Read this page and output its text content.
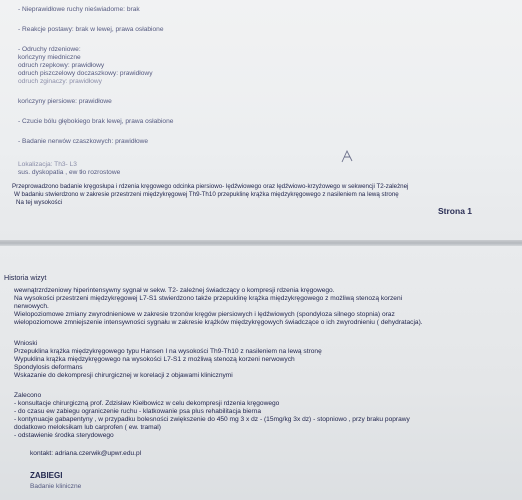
- Nieprawidłowe ruchy nieświadome: brak
- Reakcje postawy: brak w lewej, prawa osłabione
- Odruchy rdzeniowe:
kończyny miedniczne
odruch rzepkowy: prawidłowy
odruch piszczelowy doczaszkowy: prawidłowy
odruch zginaczy: prawidłowy
kończyny piersiowe: prawidłowe
- Czucie bólu głębokiego brak lewej, prawa osłabione
- Badanie nerwów czaszkowych: prawidłowe
Lokalizacja: Th3- L3
sus. dyskopatia , ew tło rozrostowe
Przeprowadzono badanie kręgosłupa i rdzenia kręgowego odcinka piersiowo- lędźwiowego oraz lędźwiowo-krzyżowego w sekwencji T2-zależnej
W badaniu stwierdzono w zakresie przestrzeni międzykręgowej Th9-Th10 przepuklinę krążka międzykręgowego z nasileniem na lewą stronę
Na tej wysokości
Strona 1
Historia wizyt
wewnątrzrdzeniowy hiperintensywny sygnał w sekw. T2- zależnej świadczący o kompresji rdzenia kręgowego.
Na wysokości przestrzeni międzykręgowej L7-S1 stwierdzono także przepuklinę krążka międzykręgowego z możliwą stenozą korzeni
nerwowych.
Wielopoziomowe zmiany zwyrodnieniowe w zakresie trzonów kręgów piersiowych i lędźwiowych (spondyloza silnego stopnia) oraz
wielopoziomowe zmniejszenie intensywności sygnału w zakresie krążków międzykręgowych świadczące o ich zwyrodnieniu ( dehydratacja).
Wnioski
Przepuklina krążka międzykręgowego typu Hansen I na wysokości Th9-Th10 z nasileniem na lewą stronę
Wypuklina krążka międzykręgowego na wysokości L7-S1 z możliwą stenozą korzeni nerwowych
Spondylosis deformans
Wskazanie do dekompresji chirurgicznej w korelacji z objawami klinicznymi
Zalecono
- konsultacje chirurgiczną prof. Zdzisław Kiełbowicz w celu dekompresji rdzenia kręgowego
- do czasu ew zabiegu ograniczenie ruchu - klatkowanie psa plus rehabilitacja bierna
- kontynuacje gabapentyny , w przypadku bolesności zwiększenie do 450 mg 3 x dz - (15mg/kg 3x dz) - stopniowo , przy braku poprawy
dodatkowo meloksikam lub carprofen ( ew. tramal)
- odstawienie środka sterydowego
kontakt: adriana.czerwik@upwr.edu.pl
ZABIEGI
Badanie kliniczne
